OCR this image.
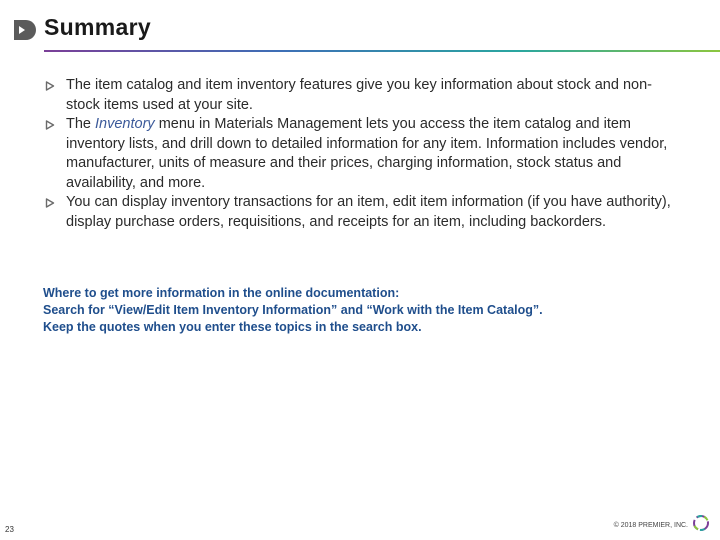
Summary
The item catalog and item inventory features give you key information about stock and non-stock items used at your site.
The Inventory menu in Materials Management lets you access the item catalog and item inventory lists, and drill down to detailed information for any item. Information includes vendor, manufacturer, units of measure and their prices, charging information, stock status and availability, and more.
You can display inventory transactions for an item, edit item information (if you have authority), display purchase orders, requisitions, and receipts for an item, including backorders.
Where to get more information in the online documentation:
Search for “View/Edit Item Inventory Information” and “Work with the Item Catalog”.
Keep the quotes when you enter these topics in the search box.
23	© 2018 PREMIER, INC.
